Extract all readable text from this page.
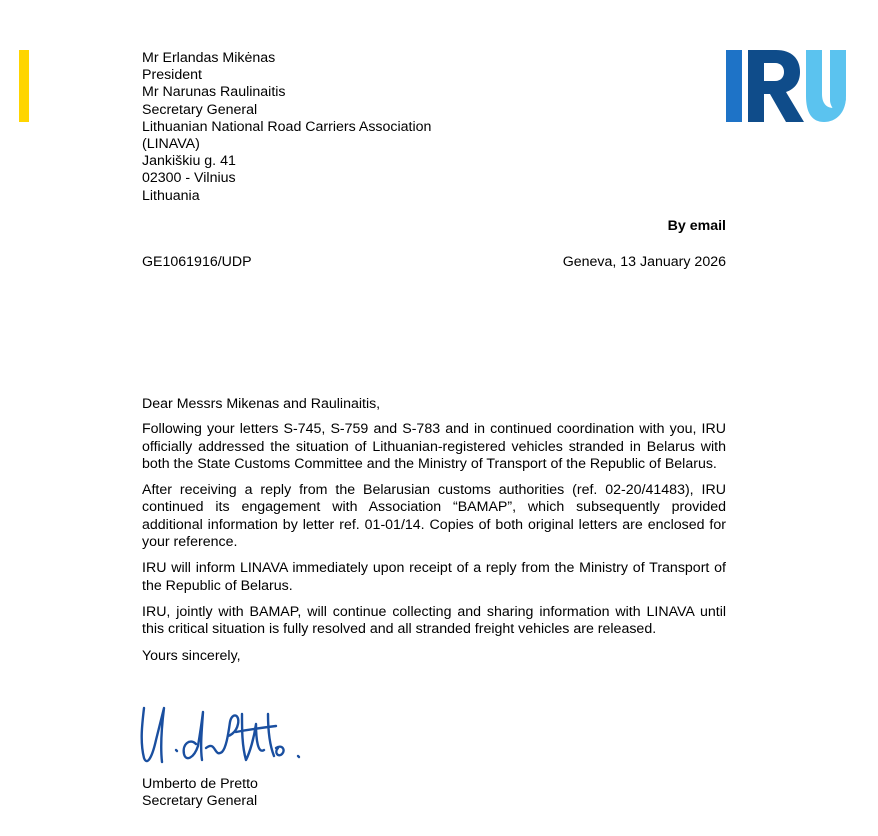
Mr Erlandas Mikėnas
President
Mr Narunas Raulinaitis
Secretary General
Lithuanian National Road Carriers Association
(LINAVA)
Jankiškiu g. 41
02300 - Vilnius
Lithuania
By email
GE1061916/UDP	Geneva, 13 January 2026

Dear Messrs Mikenas and Raulinaitis,

Following your letters S-745, S-759 and S-783 and in continued coordination with you, IRU officially addressed the situation of Lithuanian-registered vehicles stranded in Belarus with both the State Customs Committee and the Ministry of Transport of the Republic of Belarus.

After receiving a reply from the Belarusian customs authorities (ref. 02-20/41483), IRU continued its engagement with Association “BAMAP”, which subsequently provided additional information by letter ref. 01-01/14. Copies of both original letters are enclosed for your reference.

IRU will inform LINAVA immediately upon receipt of a reply from the Ministry of Transport of the Republic of Belarus.

IRU, jointly with BAMAP, will continue collecting and sharing information with LINAVA until this critical situation is fully resolved and all stranded freight vehicles are released.

Yours sincerely,

Umberto de Pretto
Secretary General
